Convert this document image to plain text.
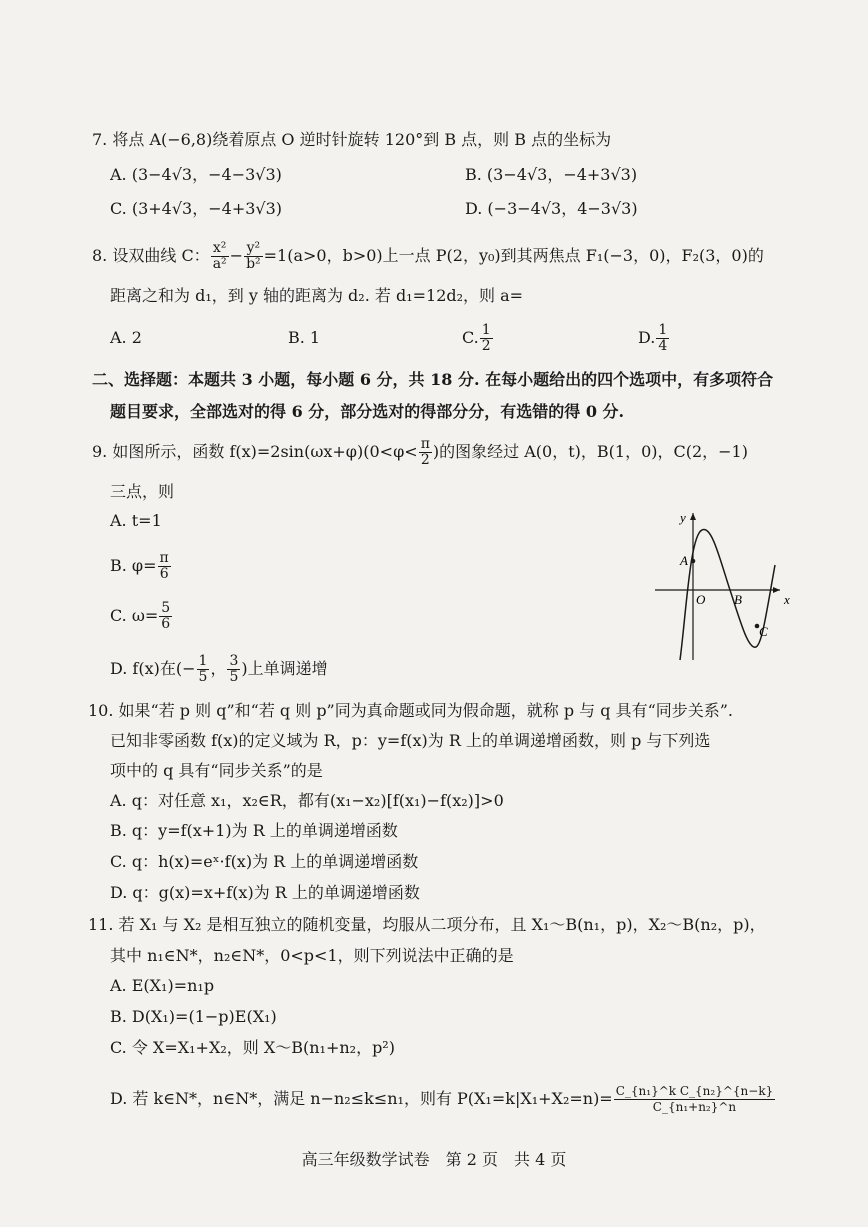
7. 将点 A(−6,8)绕着原点 O 逆时针旋转 120°到 B 点，则 B 点的坐标为
A. (3−4√3，−4−3√3)	B. (3−4√3，−4+3√3)
C. (3+4√3，−4+3√3)	D. (−3−4√3，4−3√3)
8. 设双曲线 C： $\frac{\text{x²}}{\text{a²}} - \frac{\text{y²}}{\text{b²}} =1(a>0$，b>0)上一点 P(2，y₀)到其两焦点 F₁(−3，0)，F₂(3，0)的
距离之和为 d₁，到 y 轴的距离为 d₂. 若 d₁=12d₂，则 a=
A. 2	B. 1	C. $\frac{1}{2}$	D. $\frac{1}{4}$
二、选择题：本题共 3 小题，每小题 6 分，共 18 分. 在每小题给出的四个选项中，有多项符合
题目要求，全部选对的得 6 分，部分选对的得部分分，有选错的得 0 分.
9. 如图所示，函数 $f(x)=2\sin(\omega x+\varphi)(0<\varphi< \frac{\pi}{2}$ )的图象经过 A(0，t)，B(1，0)，C(2，−1)
三点，则
A. t=1
B. $\varphi= \frac{\pi}{6}$
C. $\omega= \frac{5}{6}$
D. f(x)在(− $\frac{1}{5}$ ， $\frac{3}{5}$ )上单调递增
y
x
O
A
B
C
10. 如果“若 p 则 q”和“若 q 则 p”同为真命题或同为假命题，就称 p 与 q 具有“同步关系”.
已知非零函数 f(x)的定义域为 R，p：y=f(x)为 R 上的单调递增函数，则 p 与下列选
项中的 q 具有“同步关系”的是
A. q：对任意 x₁，x₂∈R，都有(x₁−x₂)[f(x₁)−f(x₂)]>0
B. q：y=f(x+1)为 R 上的单调递增函数
C. q：h(x)=eˣ·f(x)为 R 上的单调递增函数
D. q：g(x)=x+f(x)为 R 上的单调递增函数
11. 若 X₁ 与 X₂ 是相互独立的随机变量，均服从二项分布，且 X₁～B(n₁，p)，X₂～B(n₂，p)，
其中 n₁∈N*，n₂∈N*，0<p<1，则下列说法中正确的是
A. E(X₁)=n₁p
B. D(X₁)=(1−p)E(X₁)
C. 令 X=X₁+X₂，则 X～B(n₁+n₂，p²)
D. 若 k∈N*，n∈N*，满足 n−n₂≤k≤n₁，则有 $P(X_1=k|X_1+X_2=n)= \frac{\text{C\_\{n₁\}\textasciicircum{}k C\_\{n₂\}\textasciicircum{}\{n−k\}}}{\text{C\_\{n₁+n₂\}\textasciicircum{}n}}$
高三年级数学试卷　第 2 页　共 4 页
